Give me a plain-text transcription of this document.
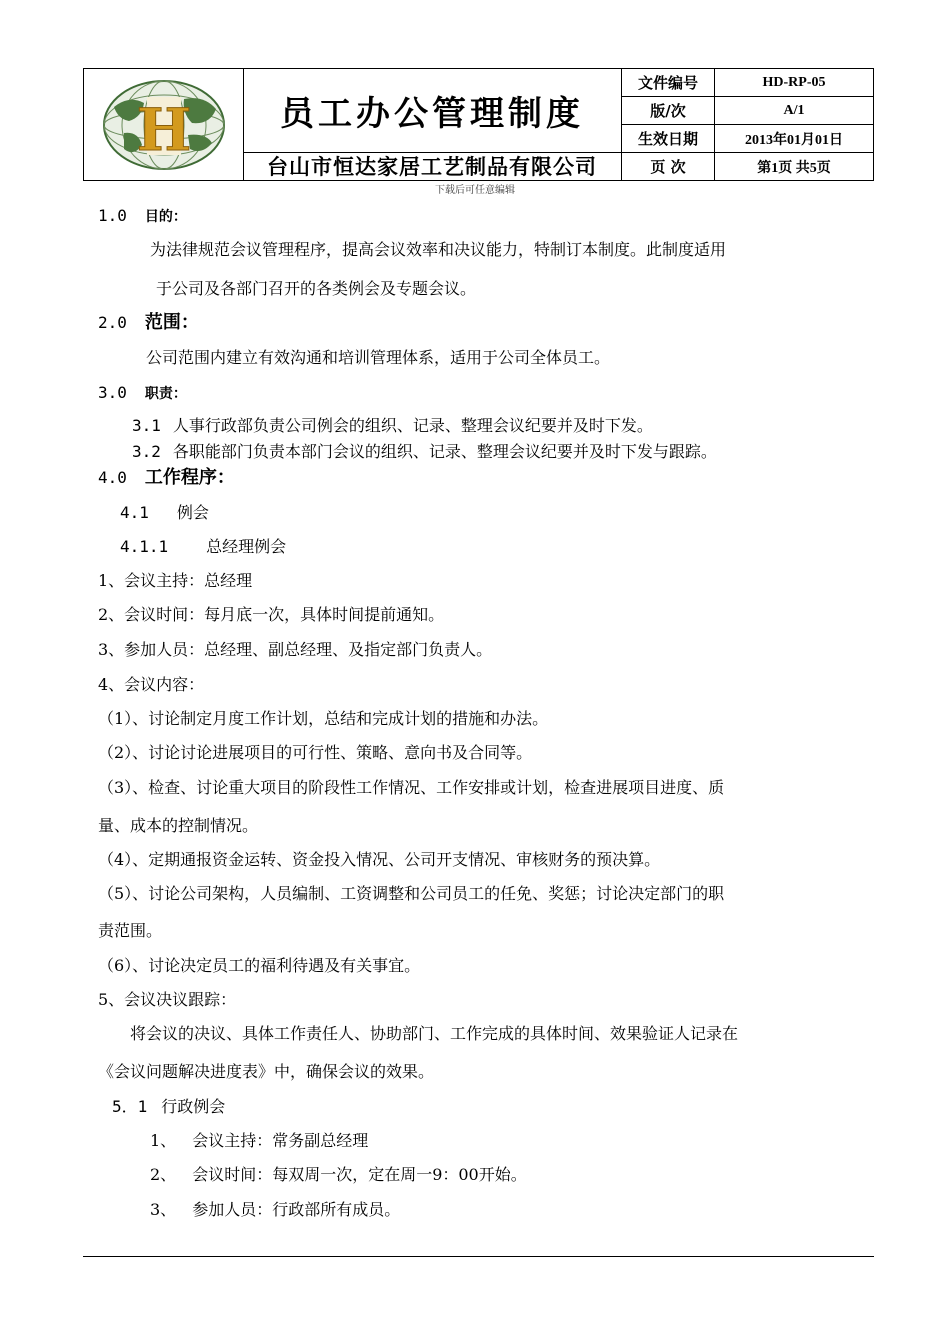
H	员工办公管理制度
台山市恒达家居工艺制品有限公司
文件编号	HD-RP-05
版/次	A/1
生效日期	2013年01月01日
页 次	第1页 共5页
下载后可任意编辑
1.0 目的：
为法律规范会议管理程序，提高会议效率和决议能力，特制订本制度。此制度适用
于公司及各部门召开的各类例会及专题会议。
2.0 范围：
公司范围内建立有效沟通和培训管理体系，适用于公司全体员工。
3.0 职责：
3.1 人事行政部负责公司例会的组织、记录、整理会议纪要并及时下发。
3.2 各职能部门负责本部门会议的组织、记录、整理会议纪要并及时下发与跟踪。
4.0 工作程序：
4.1 例会
4.1.1 总经理例会
1、会议主持：总经理
2、会议时间：每月底一次，具体时间提前通知。
3、参加人员：总经理、副总经理、及指定部门负责人。
4、会议内容：
（1）、讨论制定月度工作计划，总结和完成计划的措施和办法。
（2）、讨论讨论进展项目的可行性、策略、意向书及合同等。
（3）、检查、讨论重大项目的阶段性工作情况、工作安排或计划，检查进展项目进度、质
量、成本的控制情况。
（4）、定期通报资金运转、资金投入情况、公司开支情况、审核财务的预决算。
（5）、讨论公司架构，人员编制、工资调整和公司员工的任免、奖惩；讨论决定部门的职
责范围。
（6）、讨论决定员工的福利待遇及有关事宜。
5、会议决议跟踪：
将会议的决议、具体工作责任人、协助部门、工作完成的具体时间、效果验证人记录在
《会议问题解决进度表》中，确保会议的效果。
5．1 行政例会
1、 会议主持：常务副总经理
2、 会议时间：每双周一次，定在周一9：00开始。
3、 参加人员：行政部所有成员。
